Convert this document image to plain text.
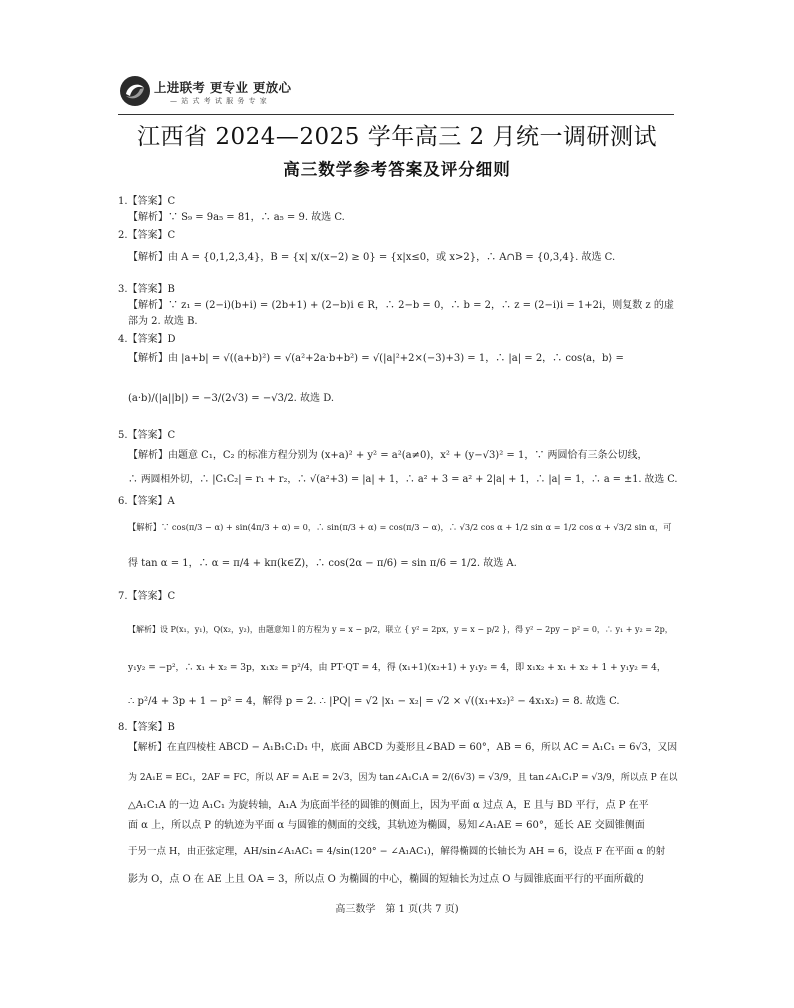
上进联考 更专业 更放心
— 站 式 考 试 服 务 专 家
江西省 2024—2025 学年高三 2 月统一调研测试
高三数学参考答案及评分细则
1.【答案】C
【解析】∵ S₉ = 9a₅ = 81，∴ a₅ = 9. 故选 C.
2.【答案】C
【解析】由 A = {0,1,2,3,4}，B = {x| x/(x−2) ≥ 0} = {x|x≤0，或 x>2}，∴ A∩B = {0,3,4}. 故选 C.
3.【答案】B
【解析】∵ z₁ = (2−i)(b+i) = (2b+1) + (2−b)i ∈ R，∴ 2−b = 0，∴ b = 2，∴ z = (2−i)i = 1+2i，则复数 z 的虚
部为 2. 故选 B.
4.【答案】D
【解析】由 |a+b| = √((a+b)²) = √(a²+2a·b+b²) = √(|a|²+2×(−3)+3) = 1，∴ |a| = 2，∴ cos⟨a，b⟩ =
(a·b)/(|a||b|) = −3/(2√3) = −√3/2. 故选 D.
5.【答案】C
【解析】由题意 C₁，C₂ 的标准方程分别为 (x+a)² + y² = a²(a≠0)，x² + (y−√3)² = 1，∵ 两圆恰有三条公切线，
∴ 两圆相外切，∴ |C₁C₂| = r₁ + r₂，∴ √(a²+3) = |a| + 1，∴ a² + 3 = a² + 2|a| + 1，∴ |a| = 1，∴ a = ±1. 故选 C.
6.【答案】A
【解析】∵ cos(π/3 − α) + sin(4π/3 + α) = 0，∴ sin(π/3 + α) = cos(π/3 − α)，∴ √3/2 cos α + 1/2 sin α = 1/2 cos α + √3/2 sin α，可
得 tan α = 1，∴ α = π/4 + kπ(k∈Z)，∴ cos(2α − π/6) = sin π/6 = 1/2. 故选 A.
7.【答案】C
【解析】设 P(x₁，y₁)，Q(x₂，y₂)，由题意知 l 的方程为 y = x − p/2，联立 { y² = 2px，y = x − p/2 }，得 y² − 2py − p² = 0，∴ y₁ + y₂ = 2p，
y₁y₂ = −p²，∴ x₁ + x₂ = 3p，x₁x₂ = p²/4，由 PT·QT = 4，得 (x₁+1)(x₂+1) + y₁y₂ = 4，即 x₁x₂ + x₁ + x₂ + 1 + y₁y₂ = 4，
∴ p²/4 + 3p + 1 − p² = 4，解得 p = 2. ∴ |PQ| = √2 |x₁ − x₂| = √2 × √((x₁+x₂)² − 4x₁x₂) = 8. 故选 C.
8.【答案】B
【解析】在直四棱柱 ABCD − A₁B₁C₁D₁ 中，底面 ABCD 为菱形且∠BAD = 60°，AB = 6，所以 AC = A₁C₁ = 6√3，又因
为 2A₁E = EC₁，2AF = FC，所以 AF = A₁E = 2√3，因为 tan∠A₁C₁A = 2/(6√3) = √3/9，且 tan∠A₁C₁P = √3/9，所以点 P 在以
△A₁C₁A 的一边 A₁C₁ 为旋转轴，A₁A 为底面半径的圆锥的侧面上，因为平面 α 过点 A，E 且与 BD 平行，点 P 在平
面 α 上，所以点 P 的轨迹为平面 α 与圆锥的侧面的交线，其轨迹为椭圆，易知∠A₁AE = 60°，延长 AE 交圆锥侧面
于另一点 H，由正弦定理，AH/sin∠A₁AC₁ = 4/sin(120° − ∠A₁AC₁)，解得椭圆的长轴长为 AH = 6，设点 F 在平面 α 的射
影为 O，点 O 在 AE 上且 OA = 3，所以点 O 为椭圆的中心，椭圆的短轴长为过点 O 与圆锥底面平行的平面所截的
高三数学　第 1 页(共 7 页)
